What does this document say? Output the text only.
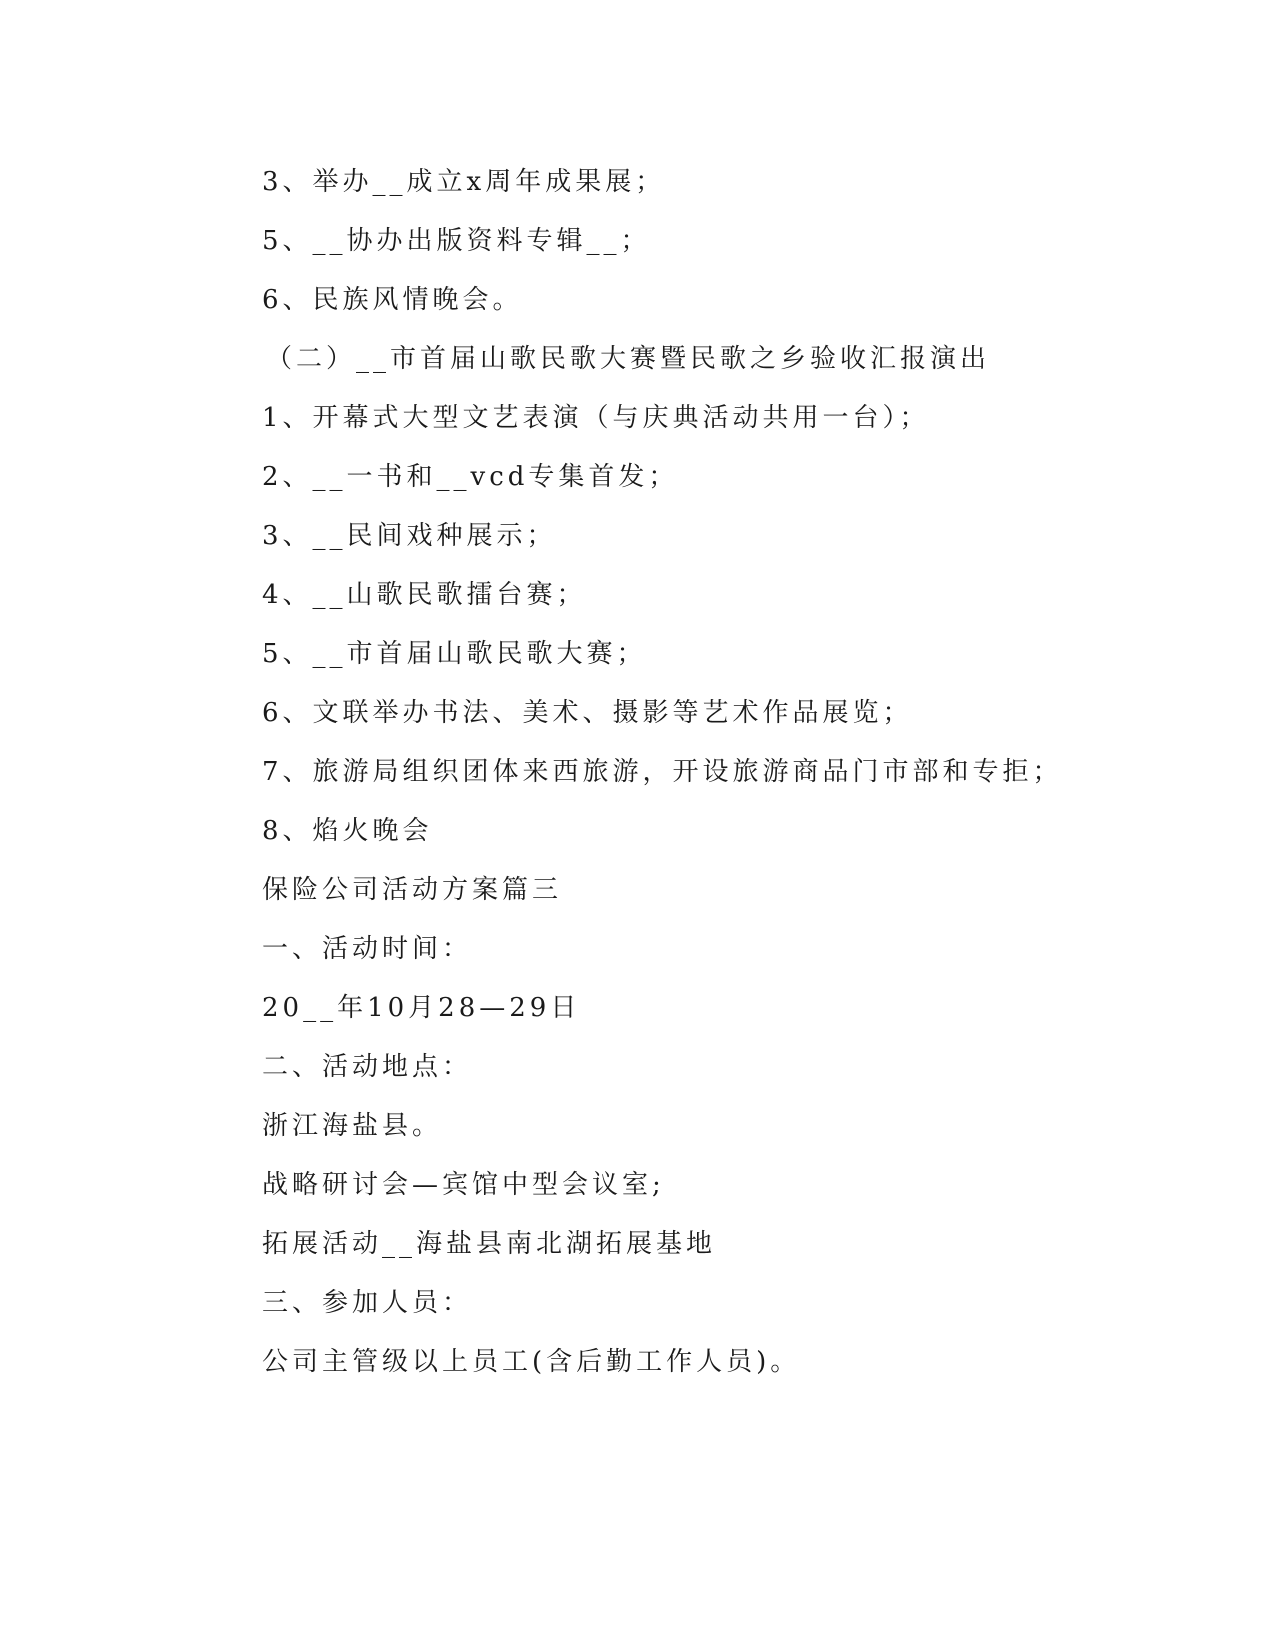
3、举办__成立x周年成果展；
5、__协办出版资料专辑__；
6、民族风情晚会。
（二）__市首届山歌民歌大赛暨民歌之乡验收汇报演出
1、开幕式大型文艺表演（与庆典活动共用一台）；
2、__一书和__vcd专集首发；
3、__民间戏种展示；
4、__山歌民歌擂台赛；
5、__市首届山歌民歌大赛；
6、文联举办书法、美术、摄影等艺术作品展览；
7、旅游局组织团体来西旅游，开设旅游商品门市部和专拒；
8、焰火晚会
保险公司活动方案篇三
一、活动时间：
20__年10月28—29日
二、活动地点：
浙江海盐县。
战略研讨会—宾馆中型会议室;
拓展活动__海盐县南北湖拓展基地
三、参加人员：
公司主管级以上员工(含后勤工作人员)。
